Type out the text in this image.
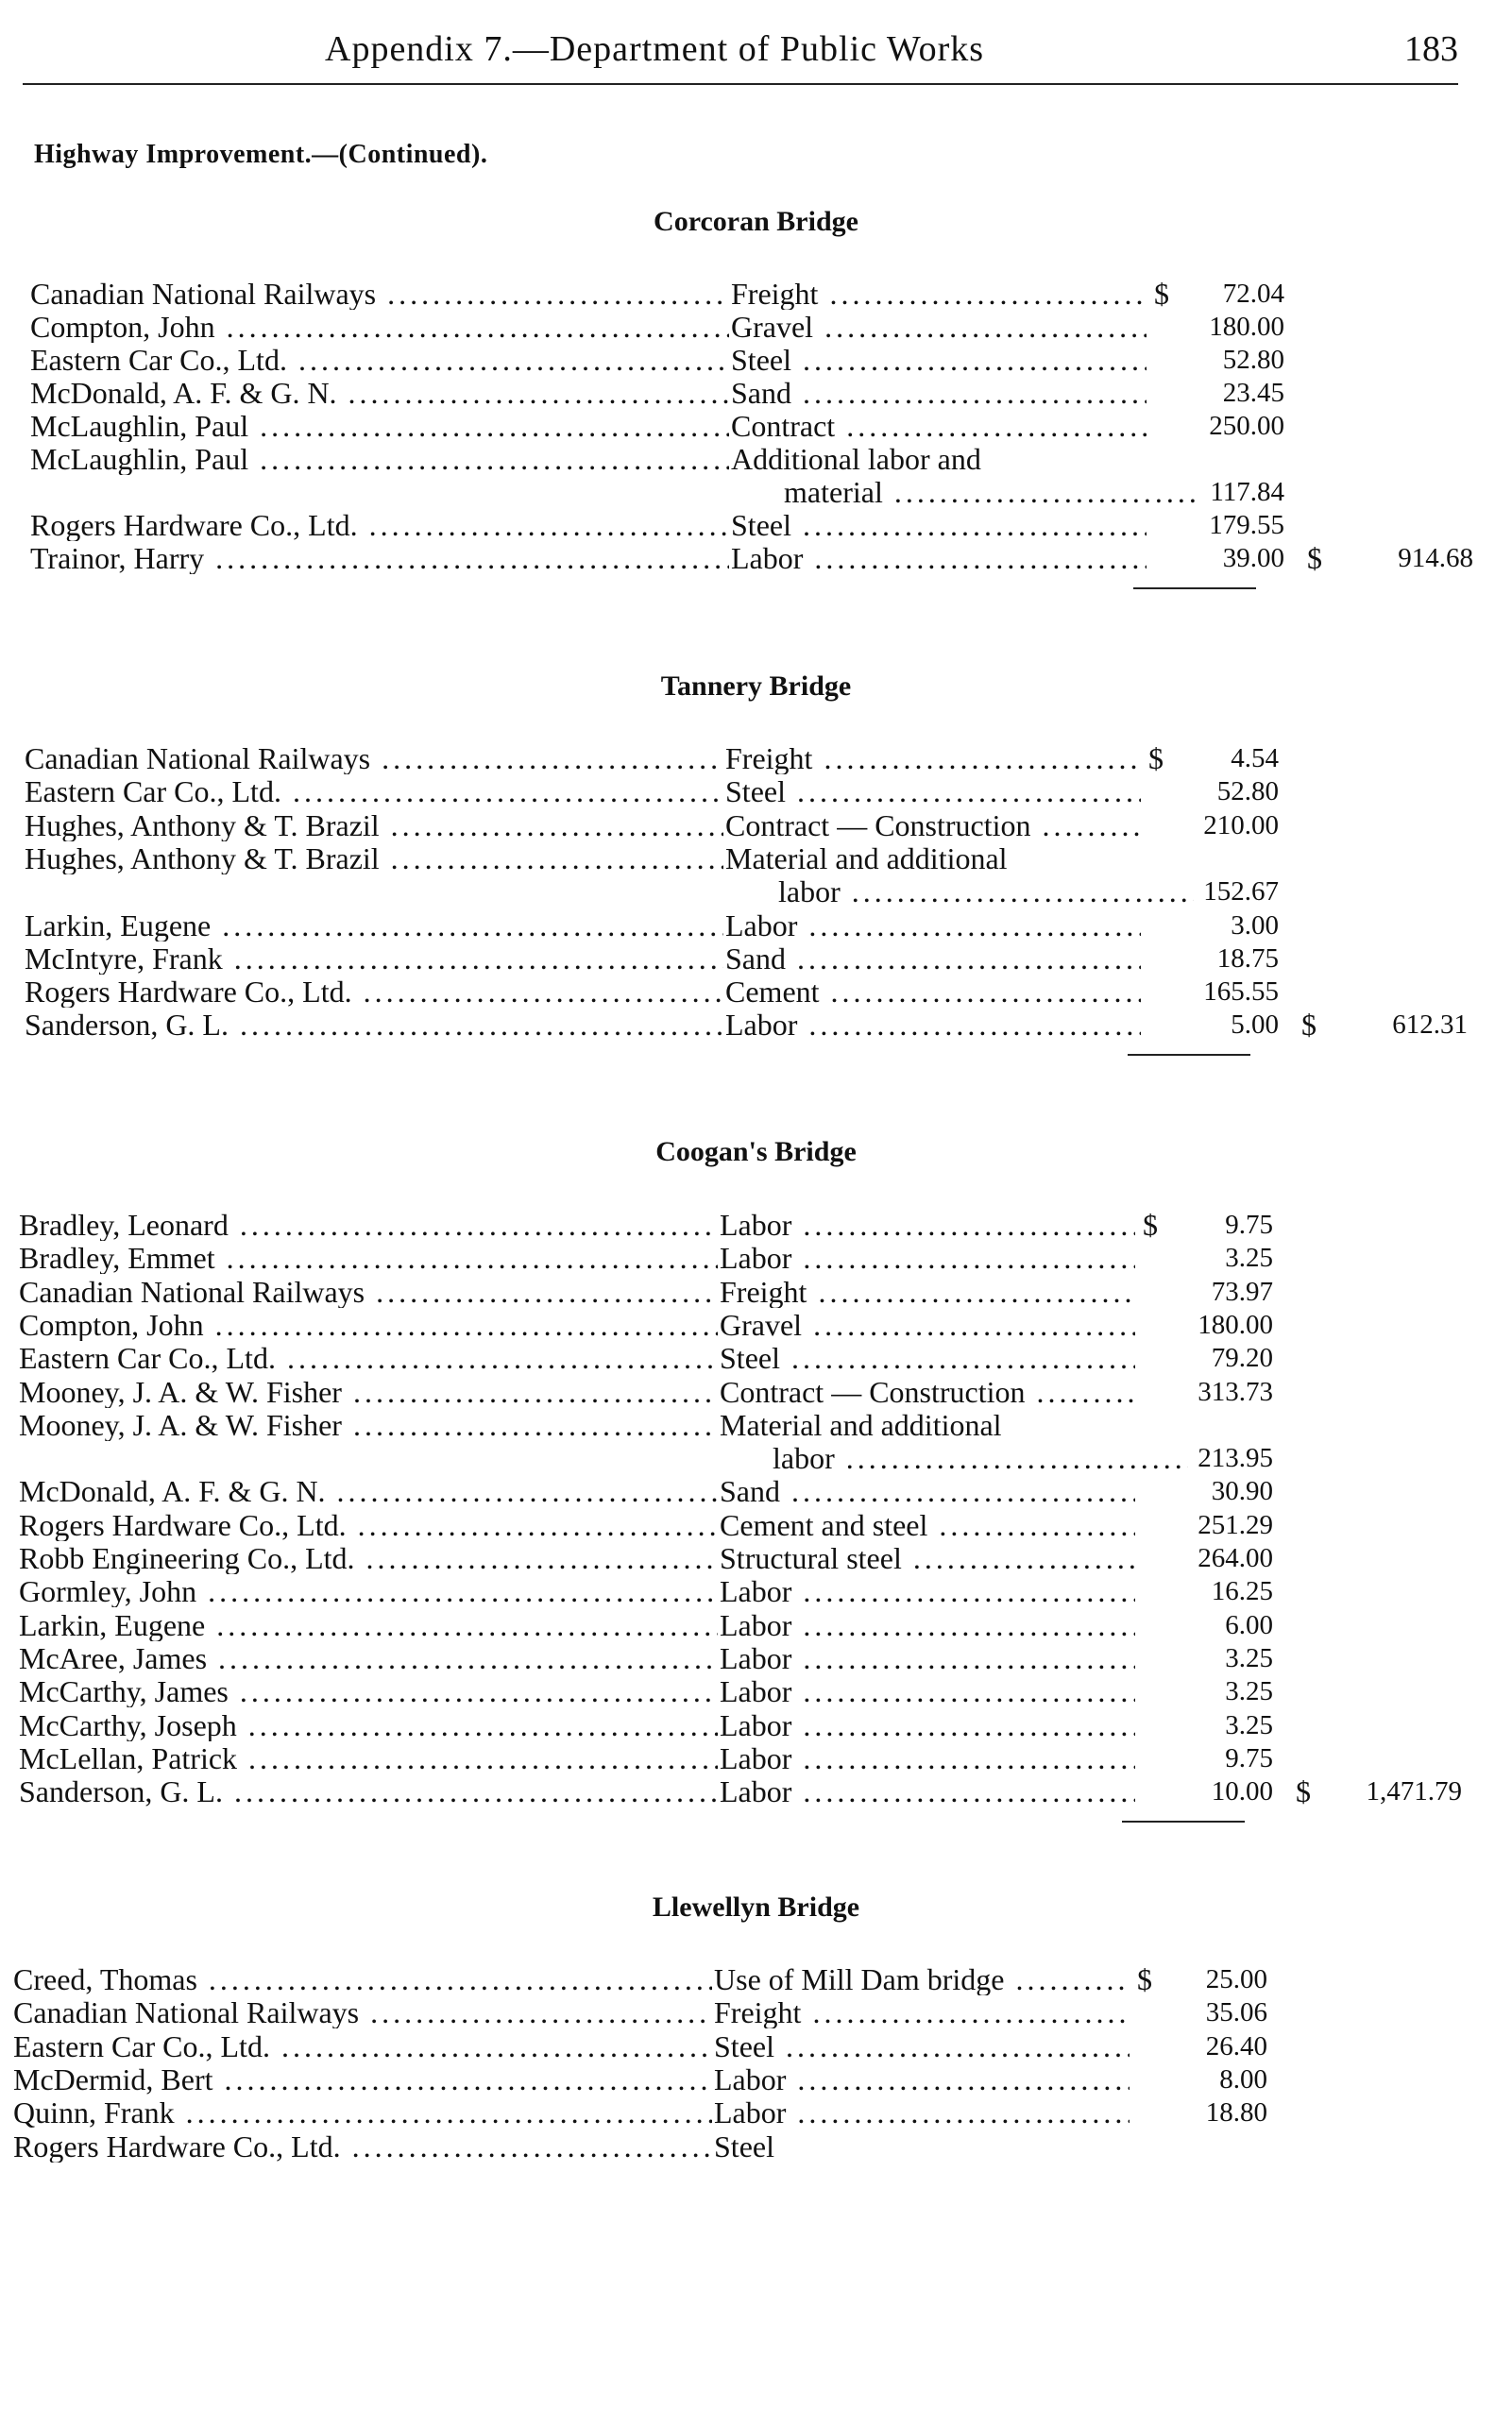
Appendix 7.—Department of Public Works	183
Highway Improvement.—(Continued).
Corcoran Bridge
Canadian National Railways .....	Freight .....	$	72.04
Compton, John .....	Gravel .....	180.00
Eastern Car Co., Ltd. .....	Steel .....	52.80
McDonald, A. F. & G. N. .....	Sand .....	23.45
McLaughlin, Paul .....	Contract .....	250.00
McLaughlin, Paul .....	Additional labor and
material .....	117.84
Rogers Hardware Co., Ltd. .....	Steel .....	179.55
Trainor, Harry .....	Labor .....	39.00 $	914.68
Tannery Bridge
Canadian National Railways .....	Freight .....	$	4.54
Eastern Car Co., Ltd. .....	Steel .....	52.80
Hughes, Anthony & T. Brazil .....	Contract — Construction .....	210.00
Hughes, Anthony & T. Brazil .....	Material and additional
labor .....	152.67
Larkin, Eugene .....	Labor .....	3.00
McIntyre, Frank .....	Sand .....	18.75
Rogers Hardware Co., Ltd. .....	Cement .....	165.55
Sanderson, G. L. .....	Labor .....	5.00 $	612.31
Coogan's Bridge
Bradley, Leonard .....	Labor .....	$	9.75
Bradley, Emmet .....	Labor .....	3.25
Canadian National Railways .....	Freight .....	73.97
Compton, John .....	Gravel .....	180.00
Eastern Car Co., Ltd. .....	Steel .....	79.20
Mooney, J. A. & W. Fisher .....	Contract — Construction .....	313.73
Mooney, J. A. & W. Fisher .....	Material and additional
labor .....	213.95
McDonald, A. F. & G. N. .....	Sand .....	30.90
Rogers Hardware Co., Ltd. .....	Cement and steel .....	251.29
Robb Engineering Co., Ltd. .....	Structural steel .....	264.00
Gormley, John .....	Labor .....	16.25
Larkin, Eugene .....	Labor .....	6.00
McAree, James .....	Labor .....	3.25
McCarthy, James .....	Labor .....	3.25
McCarthy, Joseph .....	Labor .....	3.25
McLellan, Patrick .....	Labor .....	9.75
Sanderson, G. L. .....	Labor .....	10.00 $	1,471.79
Llewellyn Bridge
Creed, Thomas .....	Use of Mill Dam bridge .....	$	25.00
Canadian National Railways .....	Freight .....	35.06
Eastern Car Co., Ltd. .....	Steel .....	26.40
McDermid, Bert .....	Labor .....	8.00
Quinn, Frank .....	Labor .....	18.80
Rogers Hardware Co., Ltd. .....	Steel
